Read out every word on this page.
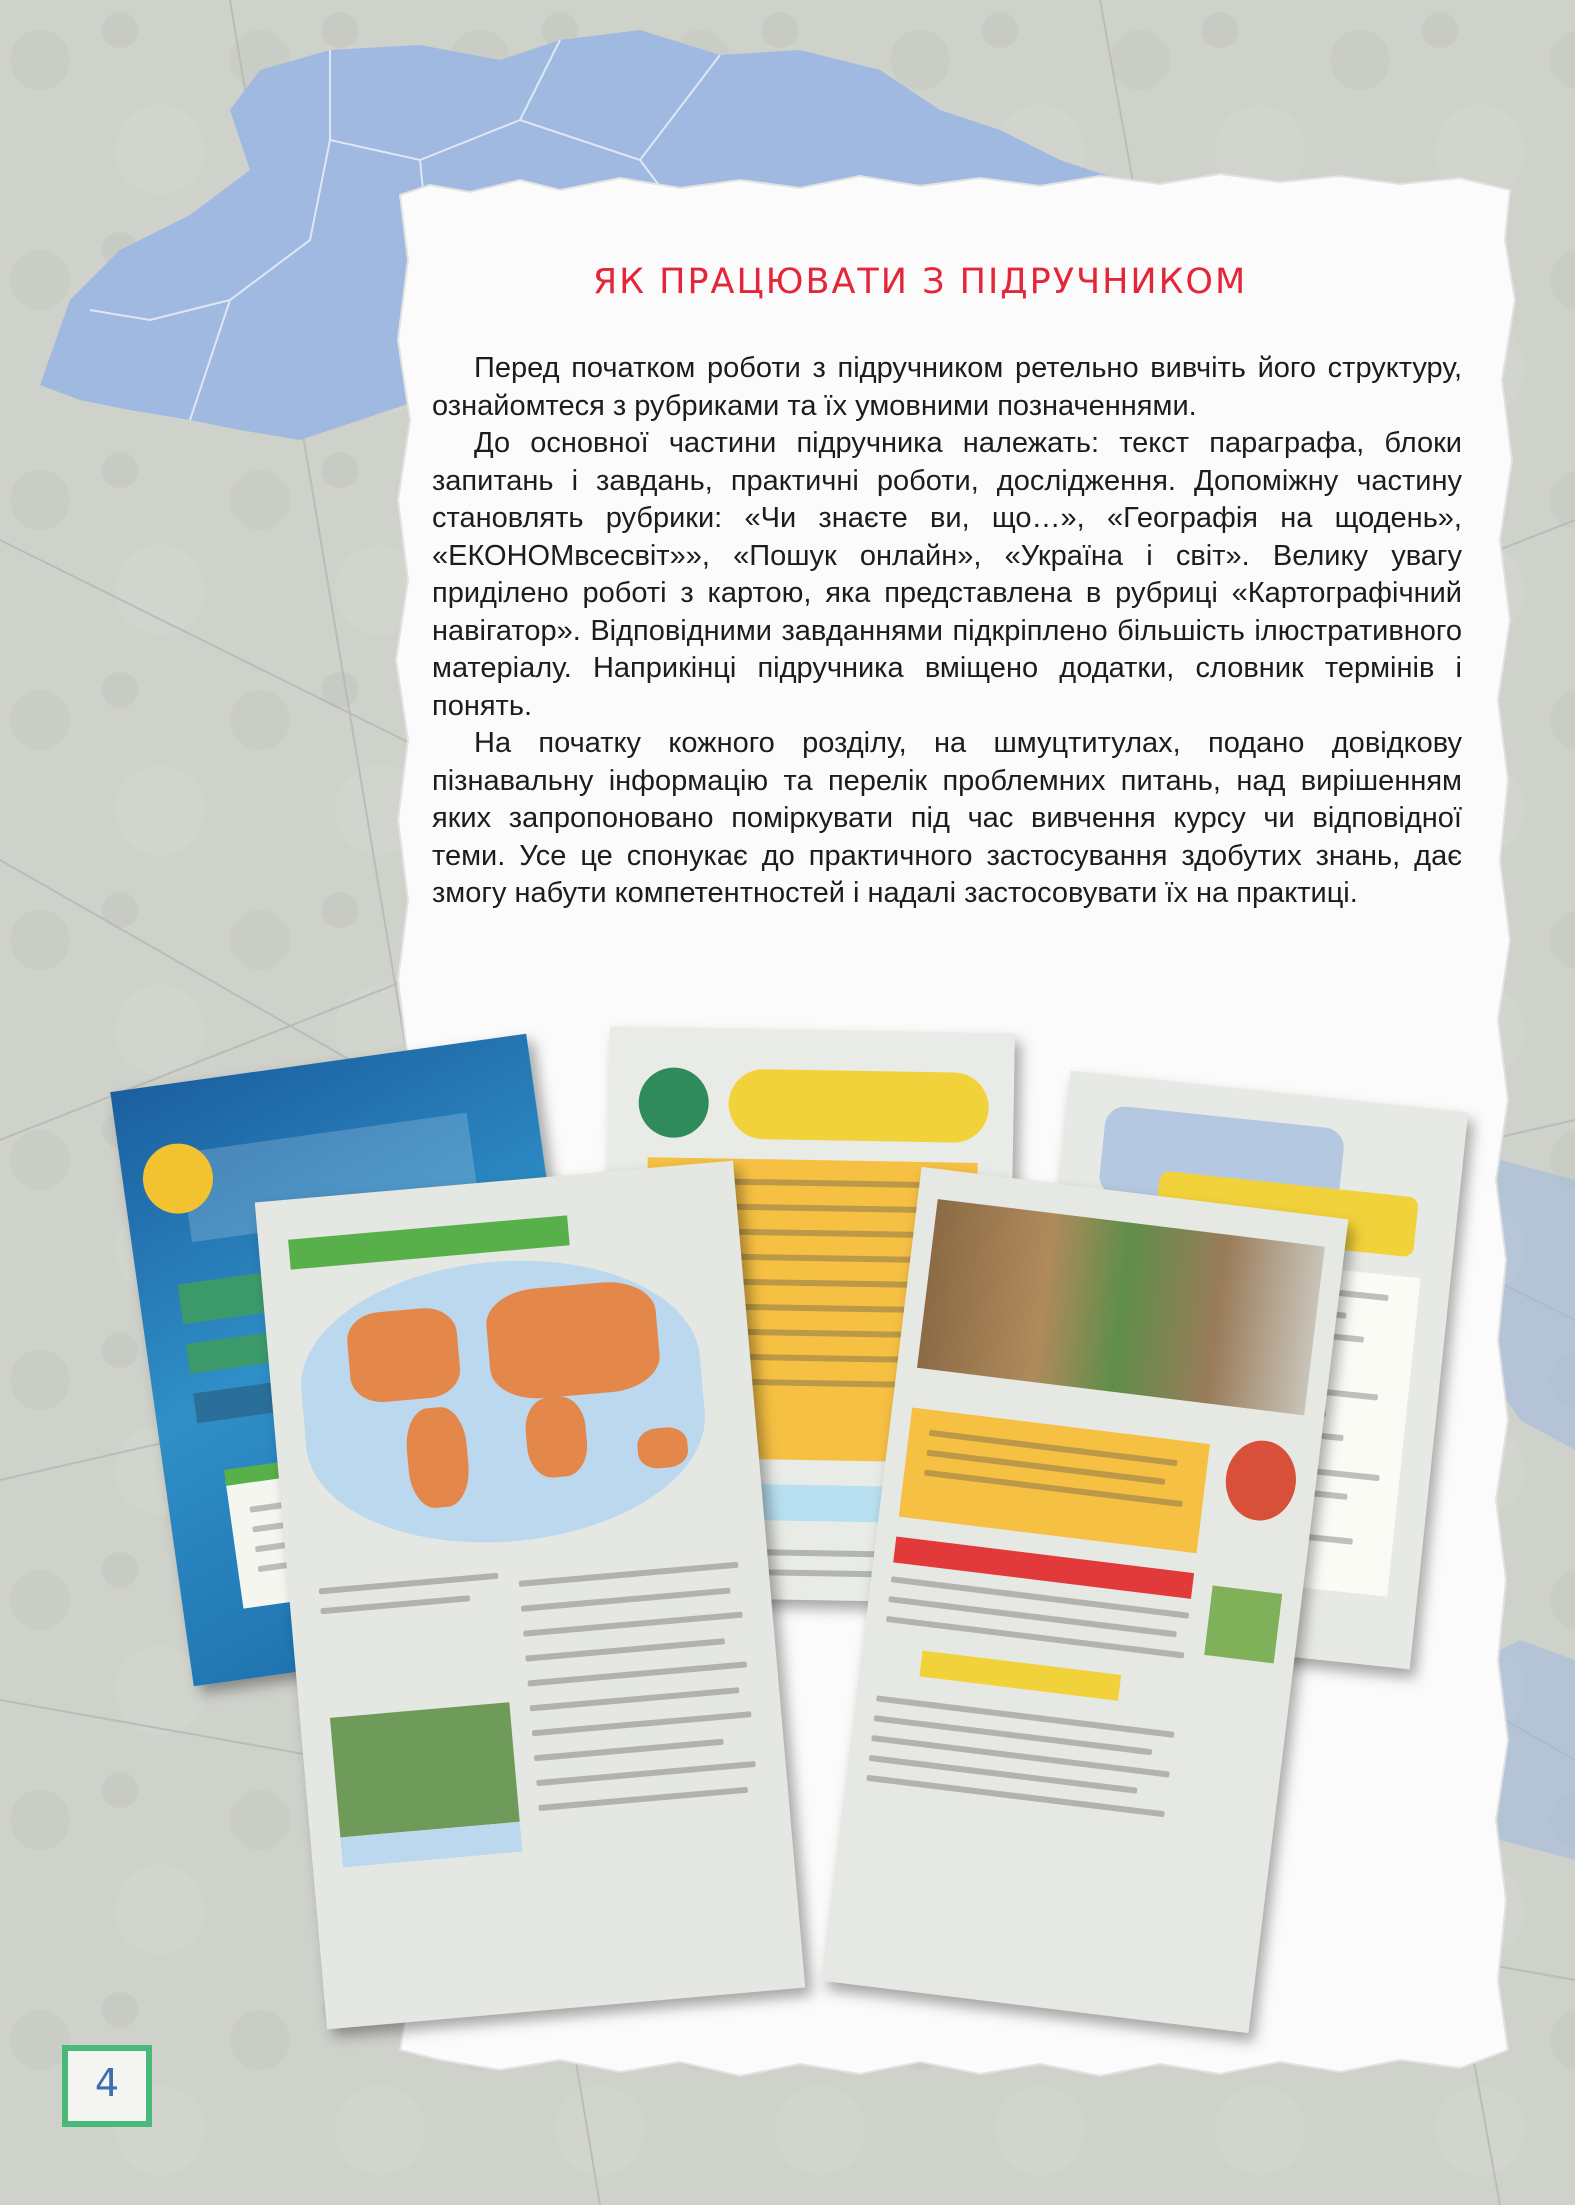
ЯК ПРАЦЮВАТИ З ПІДРУЧНИКОМ

Перед початком роботи з підручником ретельно вивчіть його структуру, ознайомтеся з рубриками та їх умовними позначеннями.

До основної частини підручника належать: текст параграфа, блоки запитань і завдань, практичні роботи, дослідження. Допоміжну частину становлять рубрики: «Чи знаєте ви, що…», «Географія на щодень», «ЕКОНОМвсесвіт»», «Пошук онлайн», «Україна і світ». Велику увагу приділено роботі з картою, яка представлена в рубриці «Картографічний навігатор». Відповідними завданнями підкріплено більшість ілюстративного матеріалу. Наприкінці підручника вміщено додатки, словник термінів і понять.

На початку кожного розділу, на шмуцтитулах, подано довідкову пізнавальну інформацію та перелік проблемних питань, над вирішенням яких запропоновано поміркувати під час вивчення курсу чи відповідної теми. Усе це спонукає до практичного застосування здобутих знань, дає змогу набути компетентностей і надалі застосовувати їх на практиці.

4
